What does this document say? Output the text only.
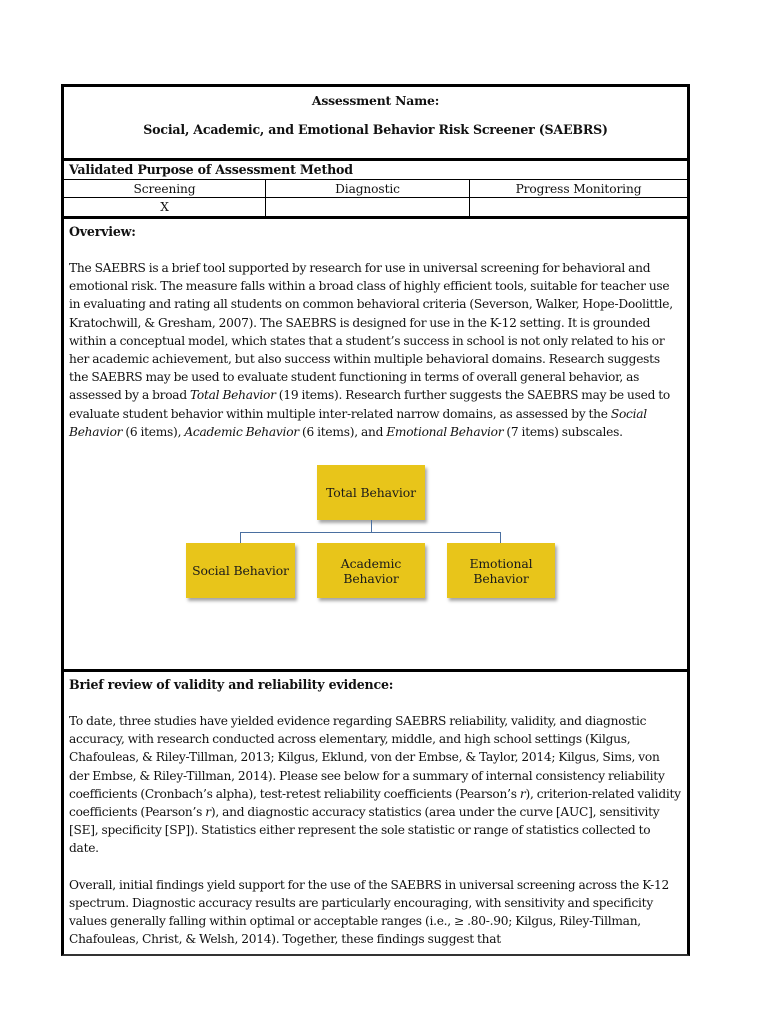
Assessment Name:
Social, Academic, and Emotional Behavior Risk Screener (SAEBRS)
Validated Purpose of Assessment Method
Screening	Diagnostic	Progress Monitoring
X
Overview:

The SAEBRS is a brief tool supported by research for use in universal screening for behavioral and emotional risk. The measure falls within a broad class of highly efficient tools, suitable for teacher use in evaluating and rating all students on common behavioral criteria (Severson, Walker, Hope-Doolittle, Kratochwill, & Gresham, 2007). The SAEBRS is designed for use in the K-12 setting. It is grounded within a conceptual model, which states that a student’s success in school is not only related to his or her academic achievement, but also success within multiple behavioral domains. Research suggests the SAEBRS may be used to evaluate student functioning in terms of overall general behavior, as assessed by a broad Total Behavior (19 items). Research further suggests the SAEBRS may be used to evaluate student behavior within multiple inter-related narrow domains, as assessed by the Social Behavior (6 items), Academic Behavior (6 items), and Emotional Behavior (7 items) subscales.

Total Behavior
Social Behavior	Academic Behavior
Emotional Behavior
Brief review of validity and reliability evidence:

To date, three studies have yielded evidence regarding SAEBRS reliability, validity, and diagnostic accuracy, with research conducted across elementary, middle, and high school settings (Kilgus, Chafouleas, & Riley-Tillman, 2013; Kilgus, Eklund, von der Embse, & Taylor, 2014; Kilgus, Sims, von der Embse, & Riley-Tillman, 2014). Please see below for a summary of internal consistency reliability coefficients (Cronbach’s alpha), test-retest reliability coefficients (Pearson’s r), criterion-related validity coefficients (Pearson’s r), and diagnostic accuracy statistics (area under the curve [AUC], sensitivity [SE], specificity [SP]). Statistics either represent the sole statistic or range of statistics collected to date.

Overall, initial findings yield support for the use of the SAEBRS in universal screening across the K-12 spectrum. Diagnostic accuracy results are particularly encouraging, with sensitivity and specificity values generally falling within optimal or acceptable ranges (i.e., ≥ .80-.90; Kilgus, Riley-Tillman, Chafouleas, Christ, & Welsh, 2014). Together, these findings suggest that
